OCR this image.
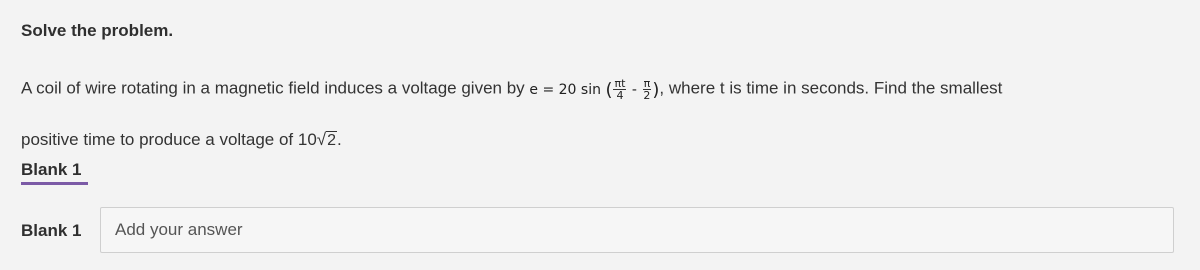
Solve the problem.
A coil of wire rotating in a magnetic field induces a voltage given by e = 20 sin ( $\frac{\pi t}{4} - \frac{\pi}{2}$ ), where t is time in seconds. Find the smallest
positive time to produce a voltage of 10 √ 2 .
Blank 1
Blank 1
Add your answer
